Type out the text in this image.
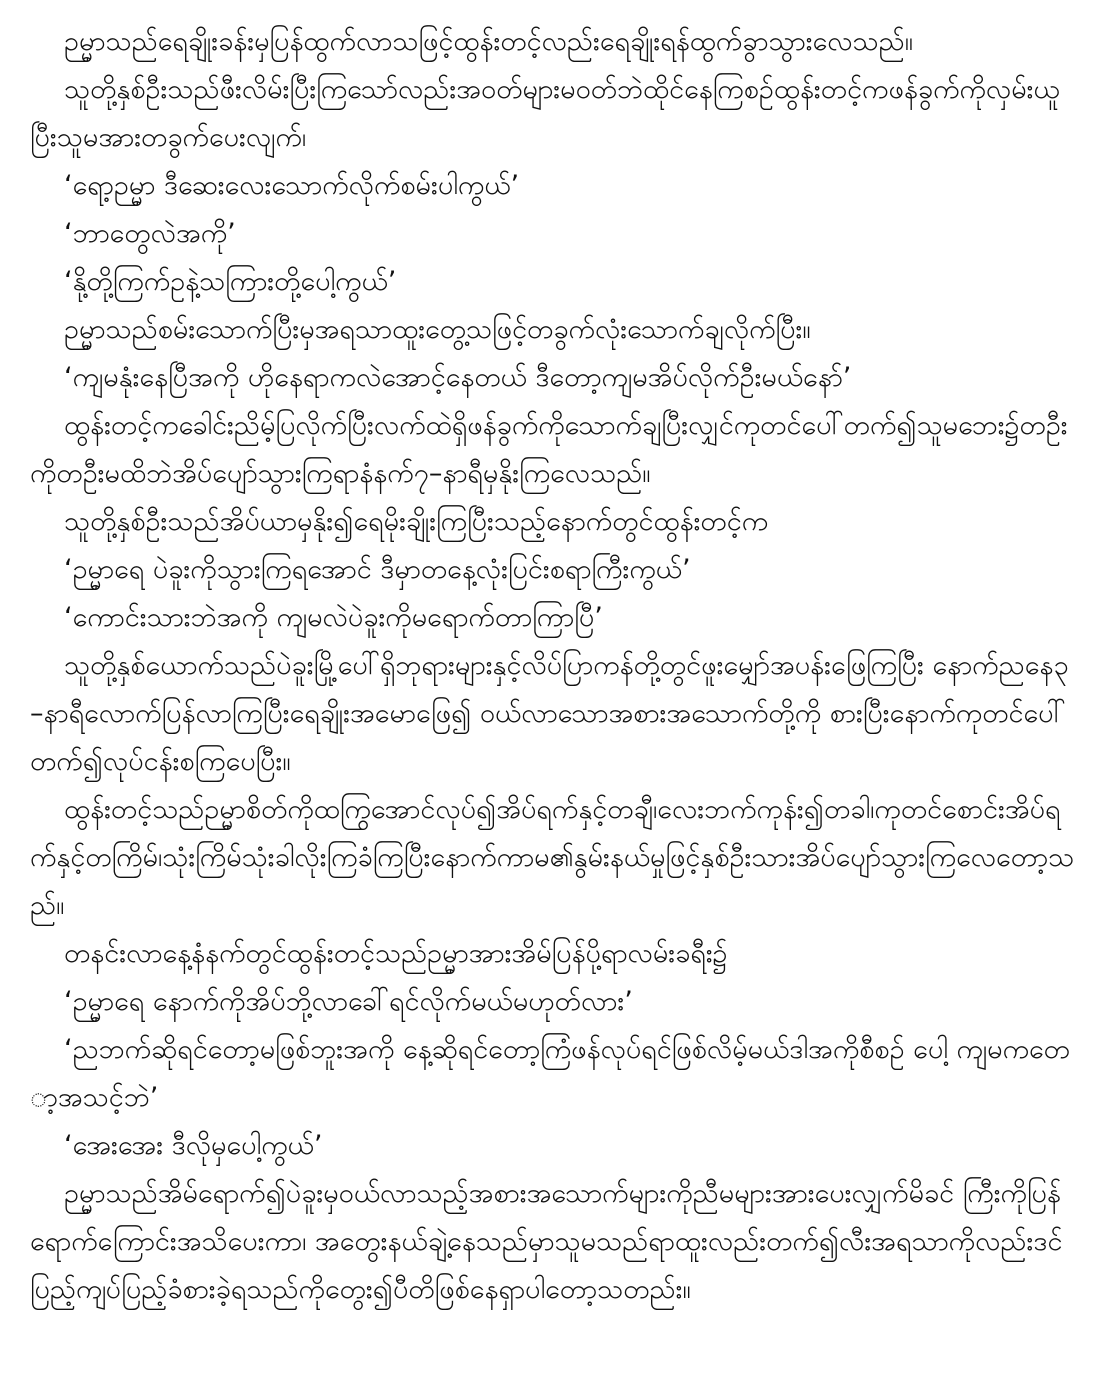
ဉမ္မာသည်ရေချိုးခန်းမှပြန်ထွက်လာသဖြင့်ထွန်းတင့်လည်းရေချိုးရန်ထွက်ခွာသွားလေသည်။

သူတို့နှစ်ဦးသည်ဖီးလိမ်းပြီးကြသော်လည်းအဝတ်များမဝတ်ဘဲထိုင်နေကြစဉ်ထွန်းတင့်ကဖန်ခွက်ကိုလှမ်းယူပြီးသူမအားတခွက်ပေးလျက်၊

‘ရော့ဉမ္မာ ဒီဆေးလေးသောက်လိုက်စမ်းပါကွယ်’

‘ဘာတွေလဲအကို’

‘နို့တို့ကြက်ဥနဲ့သကြားတို့ပေါ့ကွယ်’

ဉမ္မာသည်စမ်းသောက်ပြီးမှအရသာထူးတွေ့သဖြင့်တခွက်လုံးသောက်ချလိုက်ပြီး။

‘ကျမနုံးနေပြီအကို ဟိုနေရာကလဲအောင့်နေတယ် ဒီတော့ကျမအိပ်လိုက်ဦးမယ်နော်’

ထွန်းတင့်ကခေါင်းညိမ့်ပြလိုက်ပြီးလက်ထဲရှိဖန်ခွက်ကိုသောက်ချပြီးလျှင်ကုတင်ပေါ်တက်၍သူမဘေး၌တဦးကိုတဦးမထိဘဲအိပ်ပျော်သွားကြရာနံနက်၇–နာရီမှနိုးကြလေသည်။

သူတို့နှစ်ဦးသည်အိပ်ယာမှနိုး၍ရေမိုးချိုးကြပြီးသည့်နောက်တွင်ထွန်းတင့်က

‘ဉမ္မာရေ ပဲခူးကိုသွားကြရအောင် ဒီမှာတနေ့လုံးပြင်းစရာကြီးကွယ်’

‘ကောင်းသားဘဲအကို ကျမလဲပဲခူးကိုမရောက်တာကြာပြီ’

သူတို့နှစ်ယောက်သည်ပဲခူးမြို့ပေါ်ရှိဘုရားများနှင့်လိပ်ပြာကန်တို့တွင်ဖူးမျှော်အပန်းဖြေကြပြီး နောက်ညနေ၃–နာရီလောက်ပြန်လာကြပြီးရေချိုးအမောဖြေ၍ ဝယ်လာသောအစားအသောက်တို့ကို စားပြီးနောက်ကုတင်ပေါ်တက်၍လုပ်ငန်းစကြပေပြီး။

ထွန်းတင့်သည်ဉမ္မာစိတ်ကိုထကြွအောင်လုပ်၍အိပ်ရက်နှင့်တချီ၊လေးဘက်ကုန်း၍တခါ၊ကုတင်စောင်းအိပ်ရက်နှင့်တကြိမ်၊သုံးကြိမ်သုံးခါလိုးကြခံကြပြီးနောက်ကာမ၏နွမ်းနယ်မှုဖြင့်နှစ်ဦးသားအိပ်ပျော်သွားကြလေတော့သည်။

တနင်းလာနေ့နံနက်တွင်ထွန်းတင့်သည်ဉမ္မာအားအိမ်ပြန်ပို့ရာလမ်းခရီး၌

‘ဉမ္မာရေ နောက်ကိုအိပ်ဘို့လာခေါ်ရင်လိုက်မယ်မဟုတ်လား’

‘ညဘက်ဆိုရင်တော့မဖြစ်ဘူးအကို နေ့ဆိုရင်တော့ကြံဖန်လုပ်ရင်ဖြစ်လိမ့်မယ်ဒါအကိုစီစဉ် ပေါ့ ကျမကတော့အသင့်ဘဲ’

‘အေးအေး ဒီလိုမှပေါ့ကွယ်’

ဉမ္မာသည်အိမ်ရောက်၍ပဲခူးမှဝယ်လာသည့်အစားအသောက်များကိုညီမများအားပေးလျှက်မိခင် ကြီးကိုပြန်ရောက်ကြောင်းအသိပေးကာ၊ အတွေးနယ်ချဲ့နေသည်မှာသူမသည်ရာထူးလည်းတက်၍လီးအရသာကိုလည်းဒင်ပြည့်ကျပ်ပြည့်ခံစားခဲ့ရသည်ကိုတွေး၍ပီတိဖြစ်နေရှာပါတော့သတည်း။
